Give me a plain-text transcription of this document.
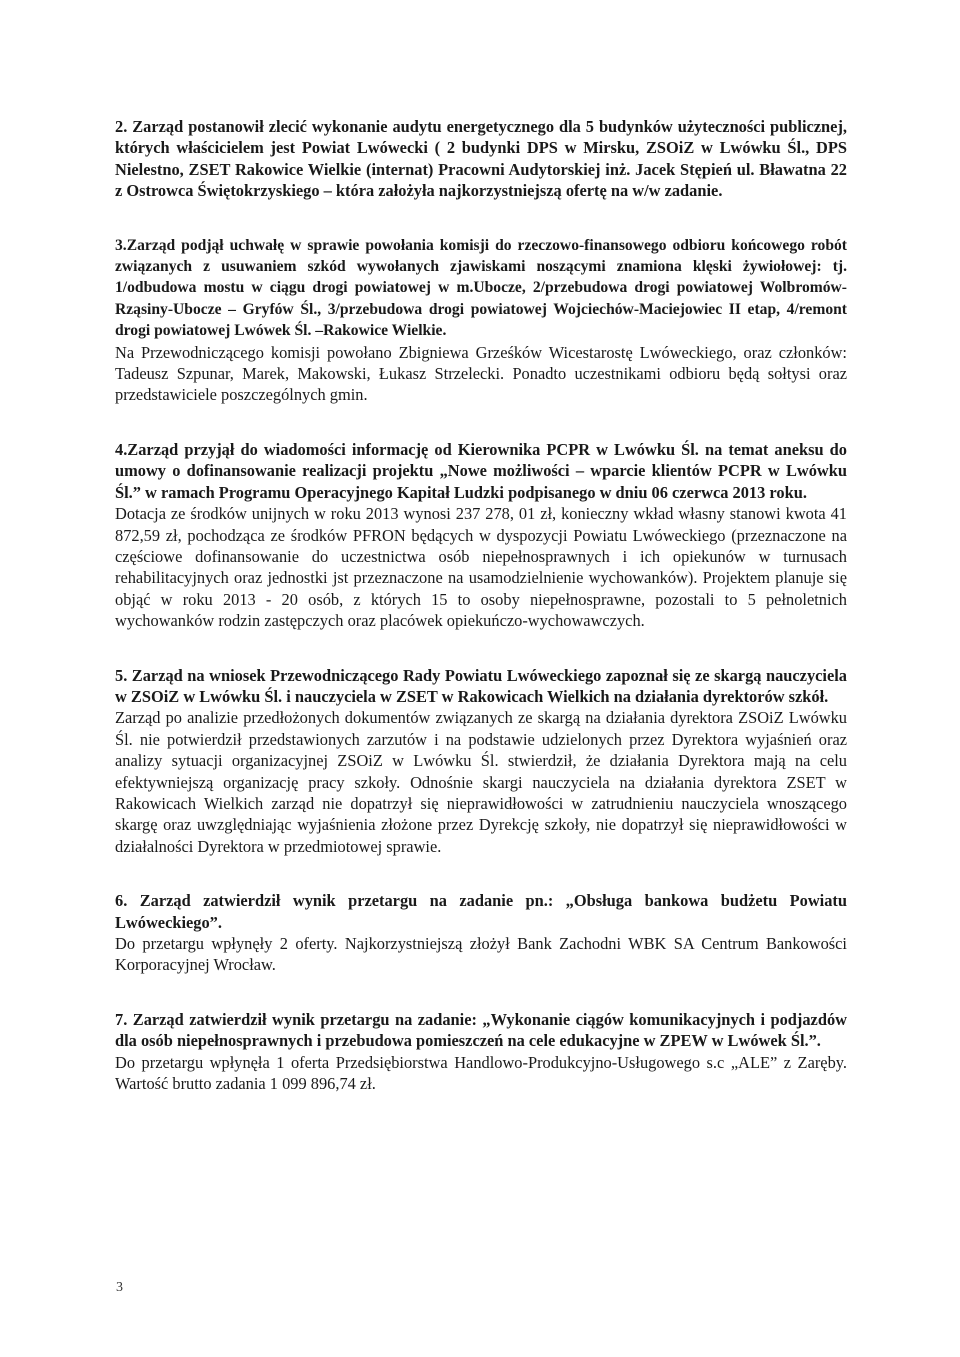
2. Zarząd postanowił zlecić wykonanie audytu energetycznego dla 5 budynków użyteczności publicznej, których właścicielem jest Powiat Lwówecki ( 2 budynki DPS w Mirsku, ZSOiZ w Lwówku Śl., DPS Nielestno, ZSET Rakowice Wielkie (internat) Pracowni Audytorskiej inż. Jacek Stępień ul. Bławatna 22 z Ostrowca Świętokrzyskiego – która założyła najkorzystniejszą ofertę na w/w zadanie.

3.Zarząd podjął uchwałę w sprawie powołania komisji do rzeczowo-finansowego odbioru końcowego robót związanych z usuwaniem szkód wywołanych zjawiskami noszącymi znamiona klęski żywiołowej: tj. 1/odbudowa mostu w ciągu drogi powiatowej w m.Ubocze, 2/przebudowa drogi powiatowej Wolbromów-Rząsiny-Ubocze – Gryfów Śl., 3/przebudowa drogi powiatowej Wojciechów-Maciejowiec II etap, 4/remont drogi powiatowej Lwówek Śl. –Rakowice Wielkie.

Na Przewodniczącego komisji powołano Zbigniewa Grześków Wicestarostę Lwóweckiego, oraz członków: Tadeusz Szpunar, Marek, Makowski, Łukasz Strzelecki. Ponadto uczestnikami odbioru będą sołtysi oraz przedstawiciele poszczególnych gmin.

4.Zarząd przyjął do wiadomości informację od Kierownika PCPR w Lwówku Śl. na temat aneksu do umowy o dofinansowanie realizacji projektu „Nowe możliwości – wparcie klientów PCPR w Lwówku Śl.” w ramach Programu Operacyjnego Kapitał Ludzki podpisanego w dniu 06 czerwca 2013 roku.

Dotacja ze środków unijnych w roku 2013 wynosi 237 278, 01 zł, konieczny wkład własny stanowi kwota 41 872,59 zł, pochodząca ze środków PFRON będących w dyspozycji Powiatu Lwóweckiego (przeznaczone na częściowe dofinansowanie do uczestnictwa osób niepełnosprawnych i ich opiekunów w turnusach rehabilitacyjnych oraz jednostki jst przeznaczone na usamodzielnienie wychowanków). Projektem planuje się objąć w roku 2013 - 20 osób, z których 15 to osoby niepełnosprawne, pozostali to 5 pełnoletnich wychowanków rodzin zastępczych oraz placówek opiekuńczo-wychowawczych.

5. Zarząd na wniosek Przewodniczącego Rady Powiatu Lwóweckiego zapoznał się ze skargą nauczyciela w ZSOiZ w Lwówku Śl. i nauczyciela w ZSET w Rakowicach Wielkich na działania dyrektorów szkół.

Zarząd po analizie przedłożonych dokumentów związanych ze skargą na działania dyrektora ZSOiZ Lwówku Śl. nie potwierdził przedstawionych zarzutów i na podstawie udzielonych przez Dyrektora wyjaśnień oraz analizy sytuacji organizacyjnej ZSOiZ w Lwówku Śl. stwierdził, że działania Dyrektora mają na celu efektywniejszą organizację pracy szkoły. Odnośnie skargi nauczyciela na działania dyrektora ZSET w Rakowicach Wielkich zarząd nie dopatrzył się nieprawidłowości w zatrudnieniu nauczyciela wnoszącego skargę oraz uwzględniając wyjaśnienia złożone przez Dyrekcję szkoły, nie dopatrzył się nieprawidłowości w działalności Dyrektora w przedmiotowej sprawie.

6. Zarząd zatwierdził wynik przetargu na zadanie pn.: „Obsługa bankowa budżetu Powiatu Lwóweckiego”.

Do przetargu wpłynęły 2 oferty. Najkorzystniejszą złożył Bank Zachodni WBK SA Centrum Bankowości Korporacyjnej Wrocław.

7. Zarząd zatwierdził wynik przetargu na zadanie: „Wykonanie ciągów komunikacyjnych i podjazdów dla osób niepełnosprawnych i przebudowa pomieszczeń na cele edukacyjne w ZPEW w Lwówek Śl.”.

Do przetargu wpłynęła 1 oferta Przedsiębiorstwa Handlowo-Produkcyjno-Usługowego s.c „ALE” z Zaręby. Wartość brutto zadania 1 099 896,74 zł.

3
